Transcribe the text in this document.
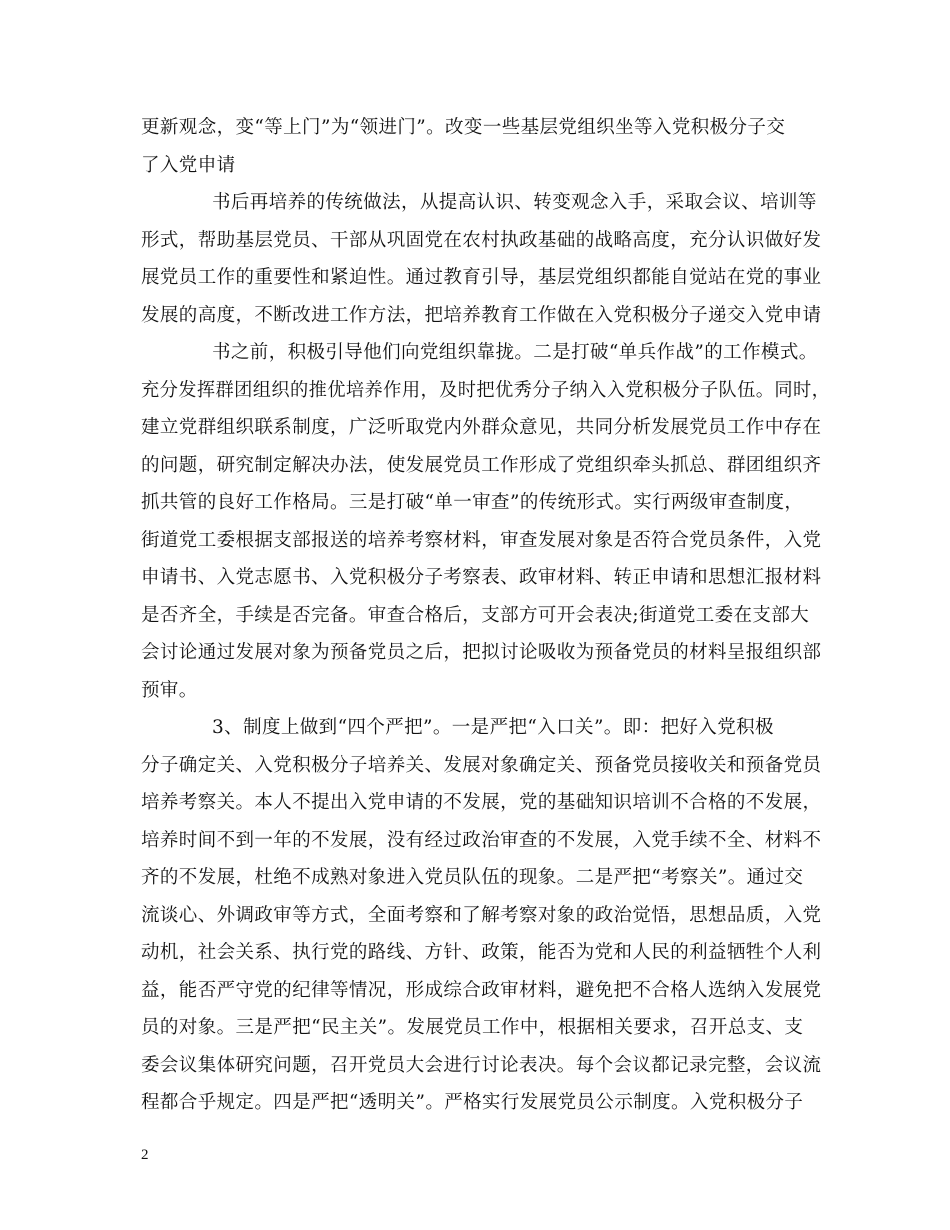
更新观念，变“等上门”为“领进门”。改变一些基层党组织坐等入党积极分子交
了入党申请
书后再培养的传统做法，从提高认识、转变观念入手，采取会议、培训等
形式，帮助基层党员、干部从巩固党在农村执政基础的战略高度，充分认识做好发
展党员工作的重要性和紧迫性。通过教育引导，基层党组织都能自觉站在党的事业
发展的高度，不断改进工作方法，把培养教育工作做在入党积极分子递交入党申请
书之前，积极引导他们向党组织靠拢。二是打破“单兵作战”的工作模式。
充分发挥群团组织的推优培养作用，及时把优秀分子纳入入党积极分子队伍。同时，
建立党群组织联系制度，广泛听取党内外群众意见，共同分析发展党员工作中存在
的问题，研究制定解决办法，使发展党员工作形成了党组织牵头抓总、群团组织齐
抓共管的良好工作格局。三是打破“单一审查”的传统形式。实行两级审查制度，
街道党工委根据支部报送的培养考察材料，审查发展对象是否符合党员条件，入党
申请书、入党志愿书、入党积极分子考察表、政审材料、转正申请和思想汇报材料
是否齐全，手续是否完备。审查合格后，支部方可开会表决;街道党工委在支部大
会讨论通过发展对象为预备党员之后，把拟讨论吸收为预备党员的材料呈报组织部
预审。
3、制度上做到“四个严把”。一是严把“入口关”。即：把好入党积极
分子确定关、入党积极分子培养关、发展对象确定关、预备党员接收关和预备党员
培养考察关。本人不提出入党申请的不发展，党的基础知识培训不合格的不发展，
培养时间不到一年的不发展，没有经过政治审查的不发展，入党手续不全、材料不
齐的不发展，杜绝不成熟对象进入党员队伍的现象。二是严把“考察关”。通过交
流谈心、外调政审等方式，全面考察和了解考察对象的政治觉悟，思想品质，入党
动机，社会关系、执行党的路线、方针、政策，能否为党和人民的利益牺牲个人利
益，能否严守党的纪律等情况，形成综合政审材料，避免把不合格人选纳入发展党
员的对象。三是严把“民主关”。发展党员工作中，根据相关要求，召开总支、支
委会议集体研究问题，召开党员大会进行讨论表决。每个会议都记录完整，会议流
程都合乎规定。四是严把“透明关”。严格实行发展党员公示制度。入党积极分子
2
